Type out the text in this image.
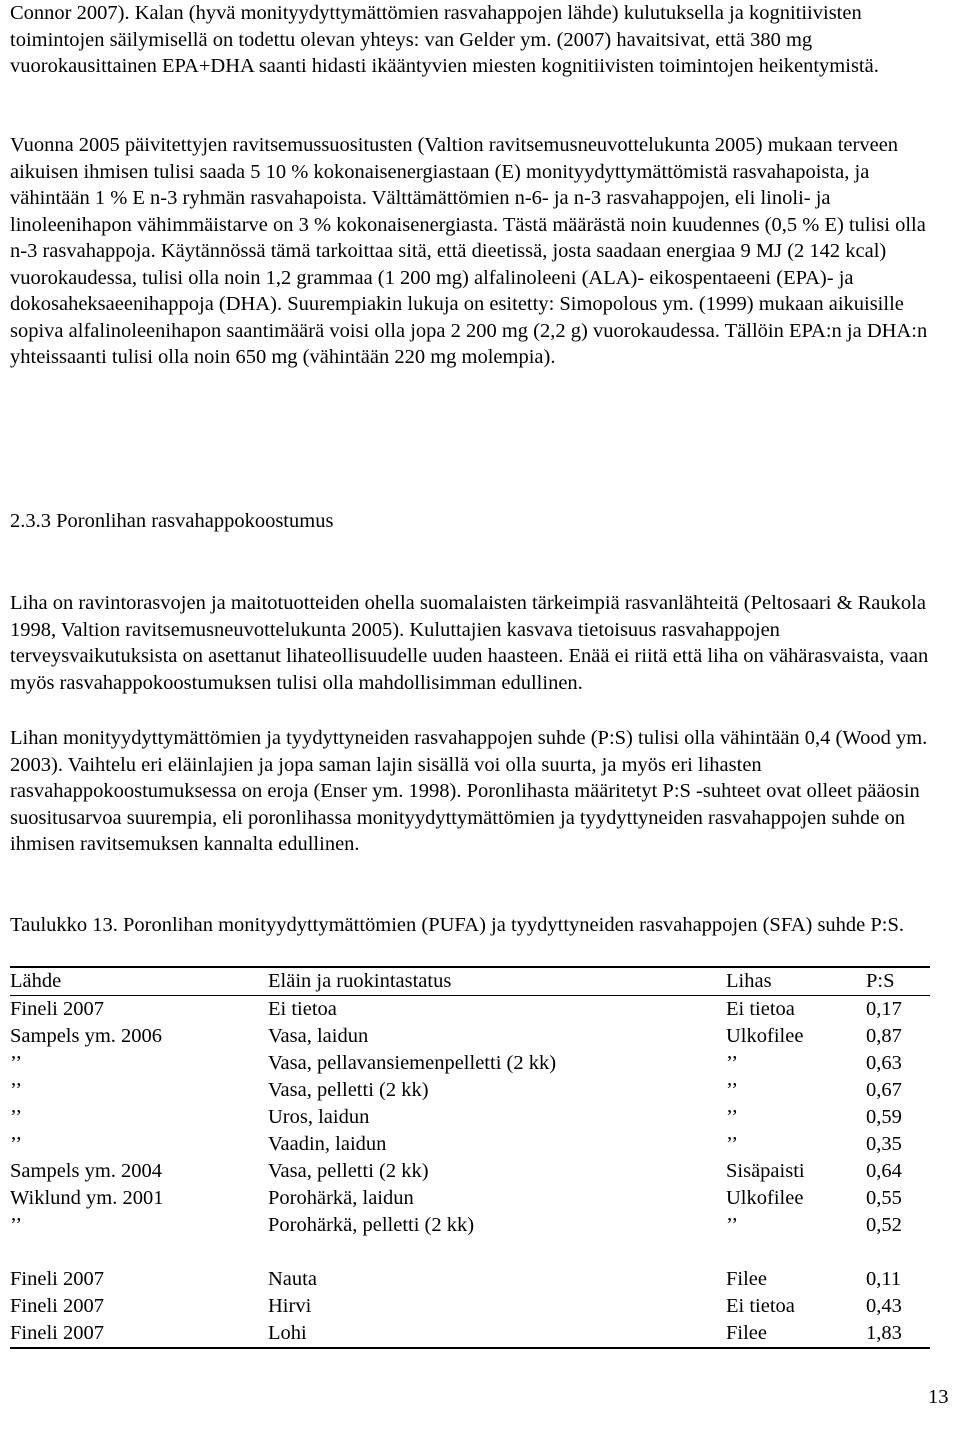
Connor 2007). Kalan (hyvä monityydyttymättömien rasvahappojen lähde) kulutuksella ja kognitiivisten toimintojen säilymisellä on todettu olevan yhteys: van Gelder ym. (2007) havaitsivat, että 380 mg vuorokausittainen EPA+DHA saanti hidasti ikääntyvien miesten kognitiivisten toimintojen heikentymistä.

Vuonna 2005 päivitettyjen ravitsemussuositusten (Valtion ravitsemusneuvottelukunta 2005) mukaan terveen aikuisen ihmisen tulisi saada 5 10 % kokonaisenergiastaan (E) monityydyttymättömistä rasvahapoista, ja vähintään 1 % E n-3 ryhmän rasvahapoista. Välttämättömien n-6- ja n-3 rasvahappojen, eli linoli- ja linoleenihapon vähimmäistarve on 3 % kokonaisenergiasta. Tästä määrästä noin kuudennes (0,5 % E) tulisi olla n-3 rasvahappoja. Käytännössä tämä tarkoittaa sitä, että dieetissä, josta saadaan energiaa 9 MJ (2 142 kcal) vuorokaudessa, tulisi olla noin 1,2 grammaa (1 200 mg) alfalinoleeni (ALA)- eikospentaeeni (EPA)- ja dokosaheksaeenihappoja (DHA). Suurempiakin lukuja on esitetty: Simopolous ym. (1999) mukaan aikuisille sopiva alfalinoleenihapon saantimäärä voisi olla jopa 2 200 mg (2,2 g) vuorokaudessa. Tällöin EPA:n ja DHA:n yhteissaanti tulisi olla noin 650 mg (vähintään 220 mg molempia).

2.3.3 Poronlihan rasvahappokoostumus

Liha on ravintorasvojen ja maitotuotteiden ohella suomalaisten tärkeimpiä rasvanlähteitä (Peltosaari & Raukola 1998, Valtion ravitsemusneuvottelukunta 2005). Kuluttajien kasvava tietoisuus rasvahappojen terveysvaikutuksista on asettanut lihateollisuudelle uuden haasteen. Enää ei riitä että liha on vähärasvaista, vaan myös rasvahappokoostumuksen tulisi olla mahdollisimman edullinen.

Lihan monityydyttymättömien ja tyydyttyneiden rasvahappojen suhde (P:S) tulisi olla vähintään 0,4 (Wood ym. 2003). Vaihtelu eri eläinlajien ja jopa saman lajin sisällä voi olla suurta, ja myös eri lihasten rasvahappokoostumuksessa on eroja (Enser ym. 1998). Poronlihasta määritetyt P:S -suhteet ovat olleet pääosin suositusarvoa suurempia, eli poronlihassa monityydyttymättömien ja tyydyttyneiden rasvahappojen suhde on ihmisen ravitsemuksen kannalta edullinen.

Taulukko 13. Poronlihan monityydyttymättömien (PUFA) ja tyydyttyneiden rasvahappojen (SFA) suhde P:S.

Lähde	Eläin ja ruokintastatus	Lihas	P:S
Fineli 2007	Ei tietoa	Ei tietoa	0,17
Sampels ym. 2006	Vasa, laidun	Ulkofilee	0,87
’’	Vasa, pellavansiemenpelletti (2 kk)	’’	0,63
’’	Vasa, pelletti (2 kk)	’’	0,67
’’	Uros, laidun	’’	0,59
’’	Vaadin, laidun	’’	0,35
Sampels ym. 2004	Vasa, pelletti (2 kk)	Sisäpaisti	0,64
Wiklund ym. 2001	Porohärkä, laidun	Ulkofilee	0,55
’’	Porohärkä, pelletti (2 kk)	’’	0,52

Fineli 2007	Nauta	Filee	0,11
Fineli 2007	Hirvi	Ei tietoa	0,43
Fineli 2007	Lohi	Filee	1,83

13
